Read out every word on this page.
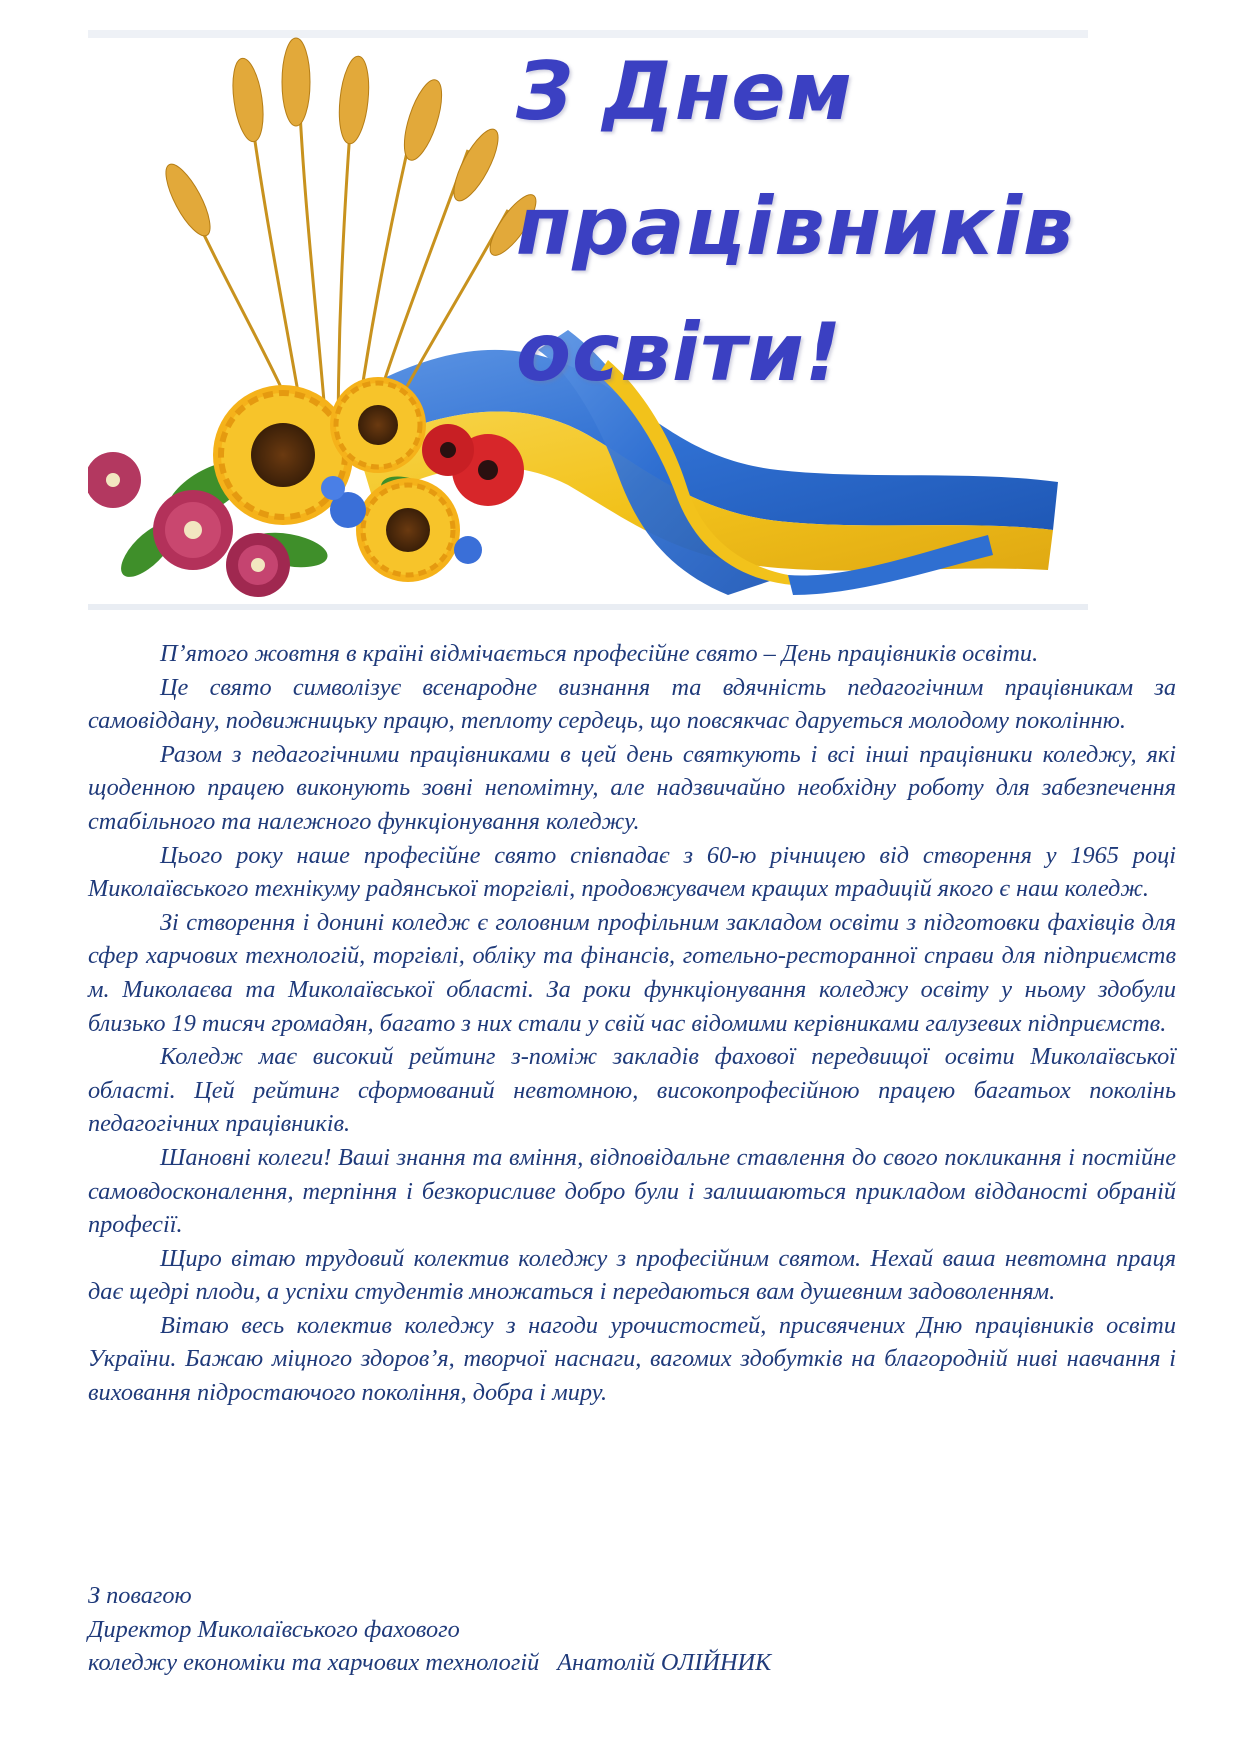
З Днем
працівників
освіти!

П’ятого жовтня в країні відмічається професійне свято – День працівників освіти.

Це свято символізує всенародне визнання та вдячність педагогічним працівникам за самовіддану, подвижницьку працю, теплоту сердець, що повсякчас даруеться молодому поколінню.

Разом з педагогічними працівниками в цей день святкують і всі інші працівники коледжу, які щоденною працею виконують зовні непомітну, але надзвичайно необхідну роботу для забезпечення стабільного та належного функціонування коледжу.

Цього року наше професійне свято співпадає з 60-ю річницею від створення у 1965 році Миколаївського технікуму радянської торгівлі, продовжувачем кращих традицій якого є наш коледж.

Зі створення і донині коледж є головним профільним закладом освіти з підготовки фахівців для сфер харчових технологій, торгівлі, обліку та фінансів, готельно-ресторанної справи для підприємств м. Миколаєва та Миколаївської області. За роки функціонування коледжу освіту у ньому здобули близько 19 тисяч громадян, багато з них стали у свій час відомими керівниками галузевих підприємств.

Коледж має високий рейтинг з-поміж закладів фахової передвищої освіти Миколаївської області. Цей рейтинг сформований невтомною, високопрофесійною працею багатьох поколінь педагогічних працівників.

Шановні колеги! Ваші знання та вміння, відповідальне ставлення до свого покликання і постійне самовдосконалення, терпіння і безкорисливе добро були і залишаються прикладом відданості обраній професії.

Щиро вітаю трудовий колектив коледжу з професійним святом. Нехай ваша невтомна праця дає щедрі плоди, а успіхи студентів множаться і передаються вам душевним задоволенням.

Вітаю весь колектив коледжу з нагоди урочистостей, присвячених Дню працівників освіти України. Бажаю міцного здоров’я, творчої наснаги, вагомих здобутків на благородній ниві навчання і виховання підростаючого покоління, добра і миру.

З повагою
Директор Миколаївського фахового
коледжу економіки та харчових технологій Анатолій ОЛІЙНИК
